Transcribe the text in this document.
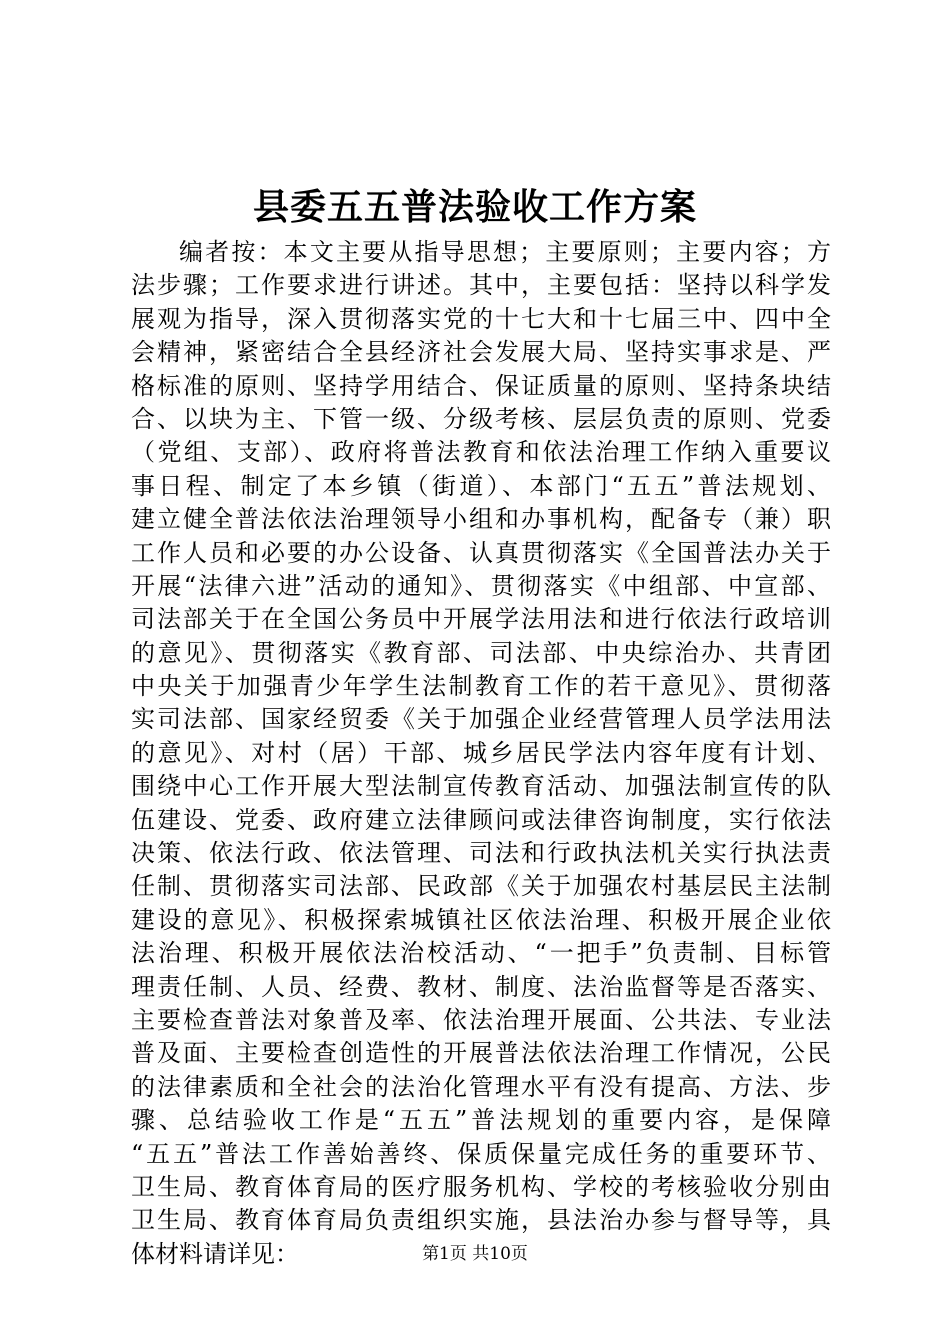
县委五五普法验收工作方案
编者按：本文主要从指导思想；主要原则；主要内容；方
法步骤；工作要求进行讲述。其中，主要包括：坚持以科学发
展观为指导，深入贯彻落实党的十七大和十七届三中、四中全
会精神，紧密结合全县经济社会发展大局、坚持实事求是、严
格标准的原则、坚持学用结合、保证质量的原则、坚持条块结
合、以块为主、下管一级、分级考核、层层负责的原则、党委
（党组、支部）、政府将普法教育和依法治理工作纳入重要议
事日程、制定了本乡镇（街道）、本部门“五五”普法规划、
建立健全普法依法治理领导小组和办事机构，配备专（兼）职
工作人员和必要的办公设备、认真贯彻落实《全国普法办关于
开展“法律六进”活动的通知》、贯彻落实《中组部、中宣部、
司法部关于在全国公务员中开展学法用法和进行依法行政培训
的意见》、贯彻落实《教育部、司法部、中央综治办、共青团
中央关于加强青少年学生法制教育工作的若干意见》、贯彻落
实司法部、国家经贸委《关于加强企业经营管理人员学法用法
的意见》、对村（居）干部、城乡居民学法内容年度有计划、
围绕中心工作开展大型法制宣传教育活动、加强法制宣传的队
伍建设、党委、政府建立法律顾问或法律咨询制度，实行依法
决策、依法行政、依法管理、司法和行政执法机关实行执法责
任制、贯彻落实司法部、民政部《关于加强农村基层民主法制
建设的意见》、积极探索城镇社区依法治理、积极开展企业依
法治理、积极开展依法治校活动、“一把手”负责制、目标管
理责任制、人员、经费、教材、制度、法治监督等是否落实、
主要检查普法对象普及率、依法治理开展面、公共法、专业法
普及面、主要检查创造性的开展普法依法治理工作情况，公民
的法律素质和全社会的法治化管理水平有没有提高、方法、步
骤、总结验收工作是“五五”普法规划的重要内容，是保障
“五五”普法工作善始善终、保质保量完成任务的重要环节、
卫生局、教育体育局的医疗服务机构、学校的考核验收分别由
卫生局、教育体育局负责组织实施，县法治办参与督导等，具
体材料请详见：	第1页 共10页
